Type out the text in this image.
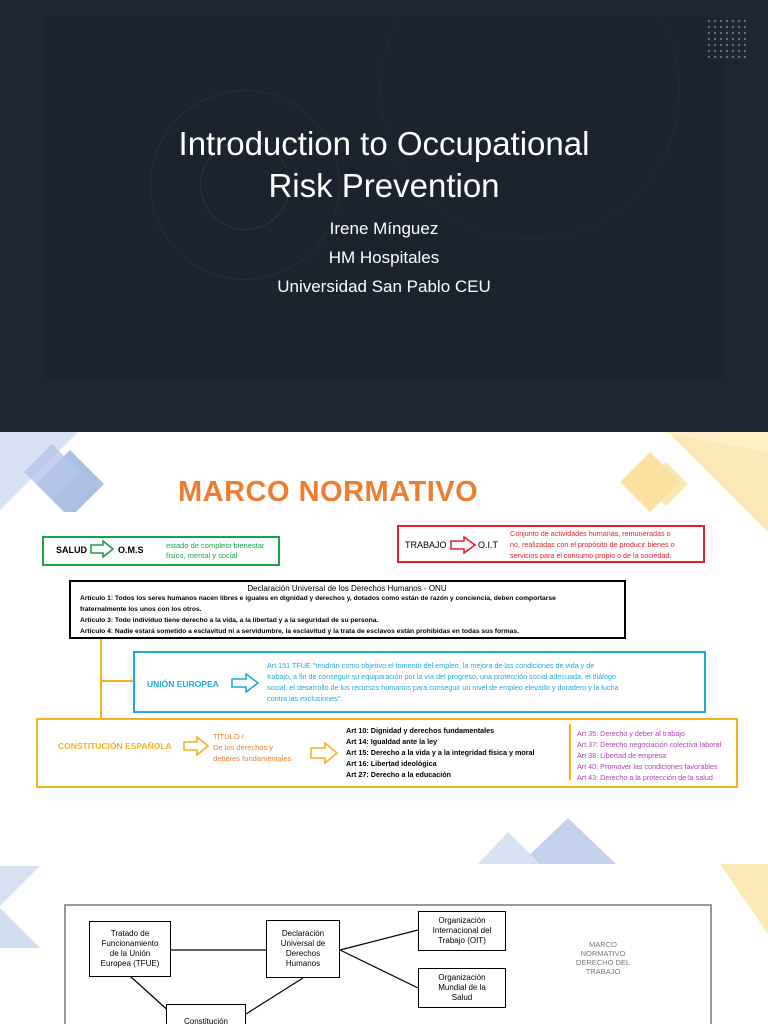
Introduction to Occupational
Risk Prevention
Irene Mínguez
HM Hospitales
Universidad San Pablo CEU
MARCO NORMATIVO
SALUD	O.M.S	estado de completo bienestar
físico, mental y social
TRABAJO	O.I.T
Conjunto de actividades humanas, remuneradas o
no, realizadas con el propósito de producir bienes o
servicios para el consumo propio o de la sociedad.
Declaración Universal de los Derechos Humanos - ONU
Artículo 1: Todos los seres humanos nacen libres e iguales en dignidad y derechos y, dotados como están de razón y conciencia, deben comportarse
fraternalmente los unos con los otros.
Artículo 3: Todo individuo tiene derecho a la vida, a la libertad y a la seguridad de su persona.
Artículo 4: Nadie estará sometido a esclavitud ni a servidumbre, la esclavitud y la trata de esclavos están prohibidas en todas sus formas.
UNIÓN EUROPEA
Art 151 TFUE "tendrán como objetivo el fomento del empleo, la mejora de las condiciones de vida y de
trabajo, a fin de conseguir su equiparación por la vía del progreso, una protección social adecuada, el diálogo
social, el desarrollo de los recursos humanos para conseguir un nivel de empleo elevado y duradero y la lucha
contra las exclusiones".
CONSTITUCIÓN ESPAÑOLA
TÍTULO I
De los derechos y
deberes fundamentales
Art 10: Dignidad y derechos fundamentales
Art 14: Igualdad ante la ley
Art 15: Derecho a la vida y a la integridad física y moral
Art 16: Libertad ideológica
Art 27: Derecho a la educación
Art 35: Derecho y deber al trabajo
Art 37: Derecho negociación colectiva laboral
Art 38: Libertad de empresa
Art 40: Promover las condiciones favorables
Art 43: Derecho a la protección de la salud
Tratado de
Funcionamiento
de la Unión
Europea (TFUE)
Declaración
Universal de
Derechos
Humanos
Organización
Internacional del
Trabajo (OIT)
Organización
Mundial de la
Salud
Constitución
MARCO
NORMATIVO
DERECHO DEL
TRABAJO
